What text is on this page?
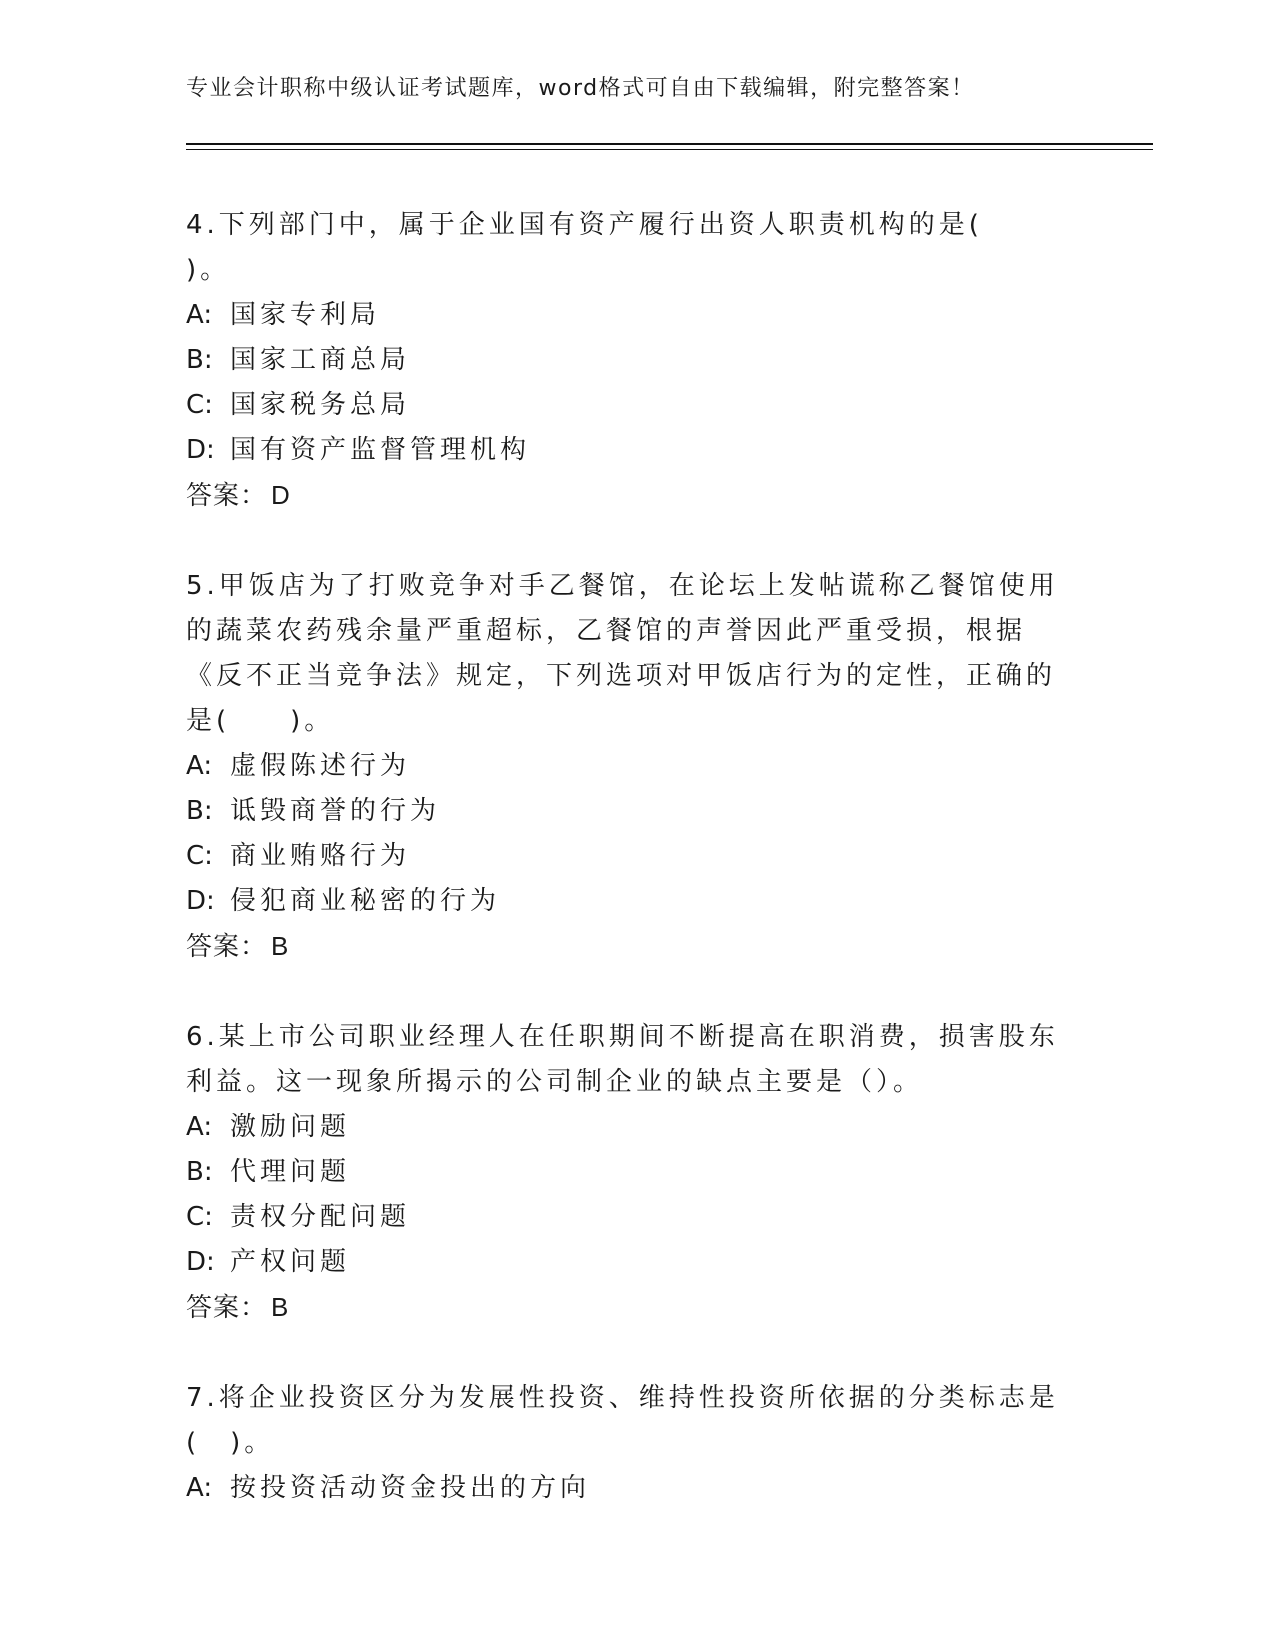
专业会计职称中级认证考试题库，word格式可自由下载编辑，附完整答案！

4.下列部门中，属于企业国有资产履行出资人职责机构的是(　　)。

A: 国家专利局
B: 国家工商总局
C: 国家税务总局
D: 国有资产监督管理机构
答案： D

5.甲饭店为了打败竞争对手乙餐馆，在论坛上发帖谎称乙餐馆使用的蔬菜农药残余量严重超标，乙餐馆的声誉因此严重受损，根据《反不正当竞争法》规定，下列选项对甲饭店行为的定性，正确的是(　　)。

A: 虚假陈述行为
B: 诋毁商誉的行为
C: 商业贿赂行为
D: 侵犯商业秘密的行为
答案： B

6.某上市公司职业经理人在任职期间不断提高在职消费，损害股东利益。这一现象所揭示的公司制企业的缺点主要是（）。

A: 激励问题
B: 代理问题
C: 责权分配问题
D: 产权问题
答案： B

7.将企业投资区分为发展性投资、维持性投资所依据的分类标志是(　)。

A: 按投资活动资金投出的方向
